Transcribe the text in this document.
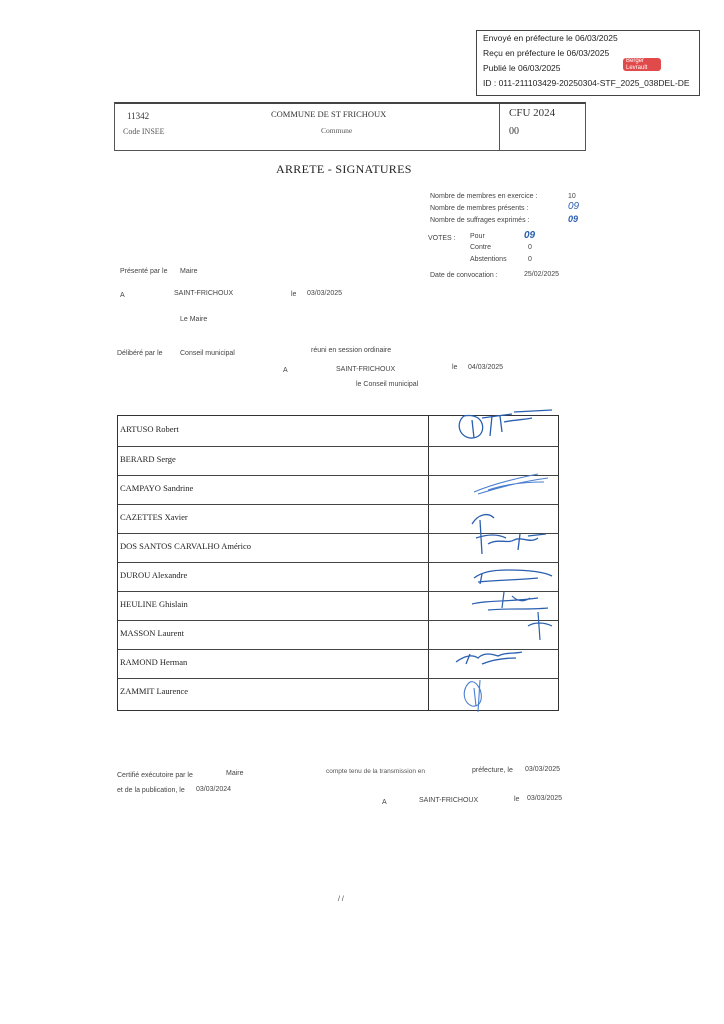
Envoyé en préfecture le 06/03/2025
Reçu en préfecture le 06/03/2025
Publié le 06/03/2025
ID : 011-211103429-20250304-STF_2025_038DEL-DE
Berger Levrault
11342
Code INSEE
COMMUNE DE ST FRICHOUX
Commune
CFU 2024
00
ARRETE - SIGNATURES
Nombre de membres en exercice :	10
Nombre de membres présents :	09
Nombre de suffrages exprimés :	09
VOTES : Pour	09
Contre	0
Abstentions	0
Date de convocation :	25/02/2025
Présenté par le Maire
A	SAINT-FRICHOUX	le 03/03/2025
Le Maire
Délibéré par le Conseil municipal	réuni en session ordinaire
A	SAINT-FRICHOUX	le 04/03/2025
le Conseil municipal
ARTUSO Robert
BERARD Serge
CAMPAYO Sandrine
CAZETTES Xavier
DOS SANTOS CARVALHO Américo
DUROU Alexandre
HEULINE Ghislain
MASSON Laurent
RAMOND Herman
ZAMMIT Laurence
Certifié exécutoire par le	Maire	compte tenu de la transmission en	préfecture, le 03/03/2025
et de la publication, le 03/03/2024
A	SAINT-FRICHOUX	le 03/03/2025
/ /
